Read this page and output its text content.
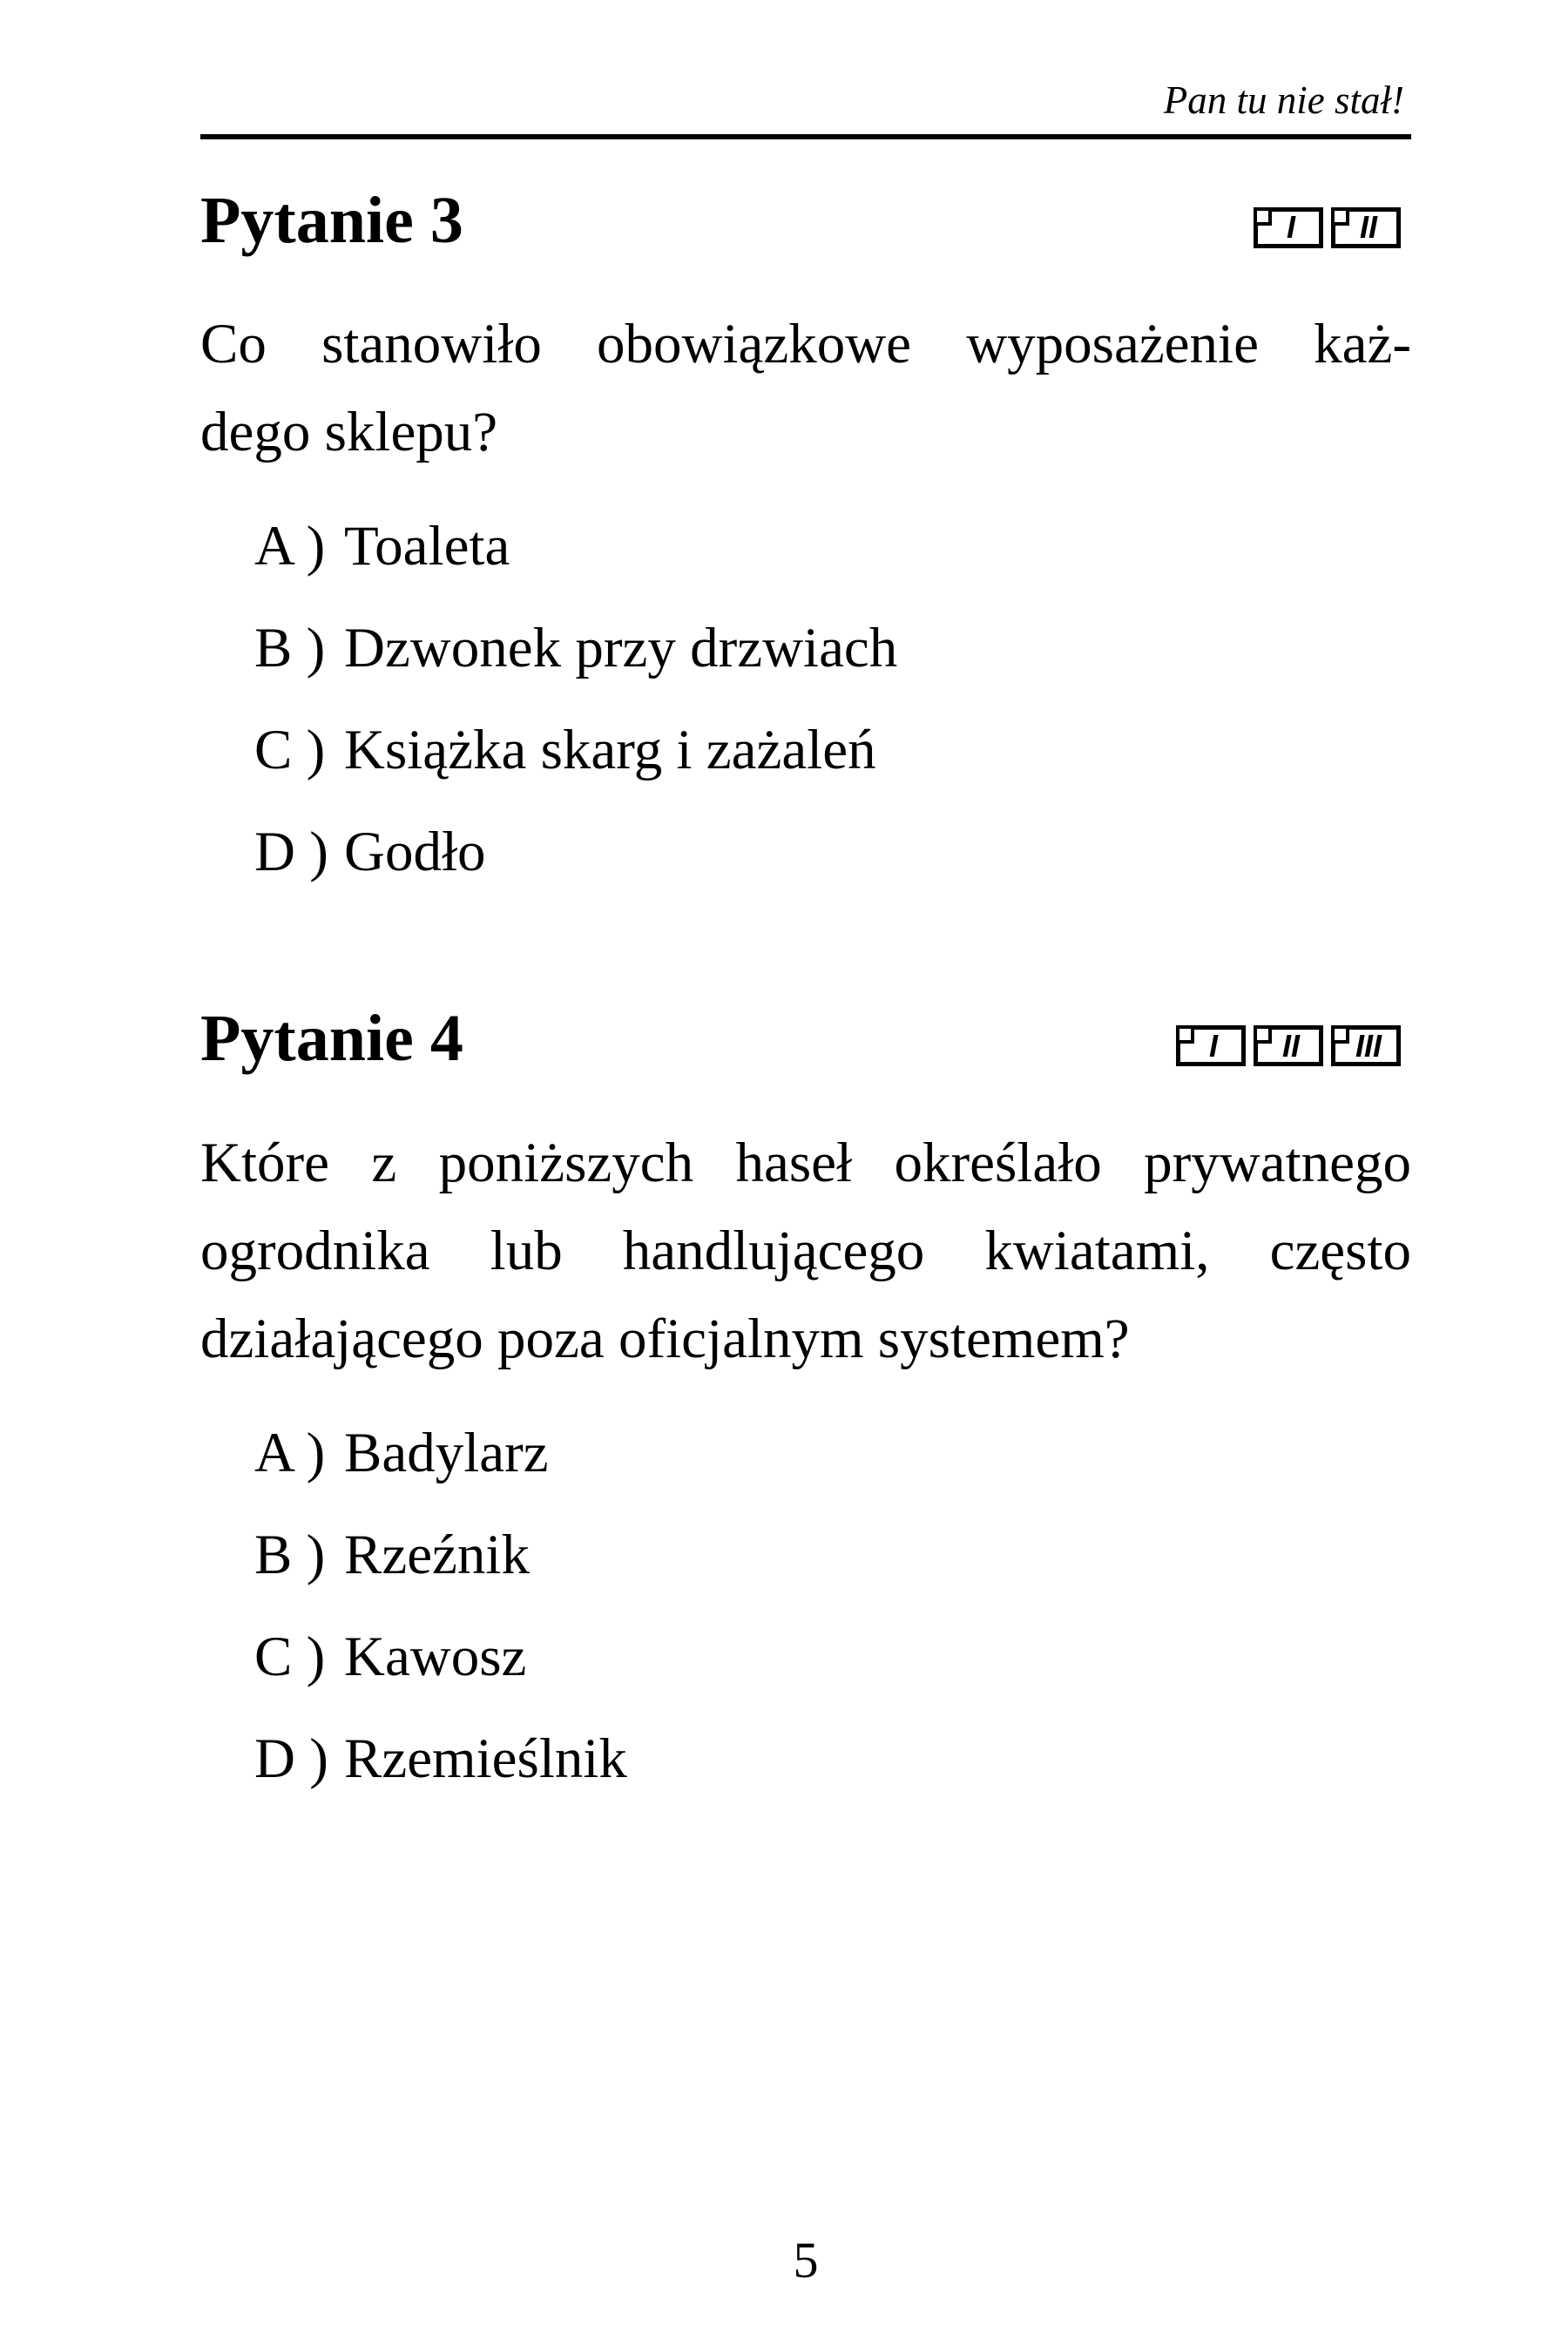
Pan tu nie stał!
Pytanie 3	I II
Co stanowiło obowiązkowe wyposażenie każ-
dego sklepu?
A ) Toaleta
B ) Dzwonek przy drzwiach
C ) Książka skarg i zażaleń
D ) Godło
Pytanie 4	I II III
Które z poniższych haseł określało prywatnego
ogrodnika lub handlującego kwiatami, często
działającego poza oficjalnym systemem?
A ) Badylarz
B ) Rzeźnik
C ) Kawosz
D ) Rzemieślnik
5
